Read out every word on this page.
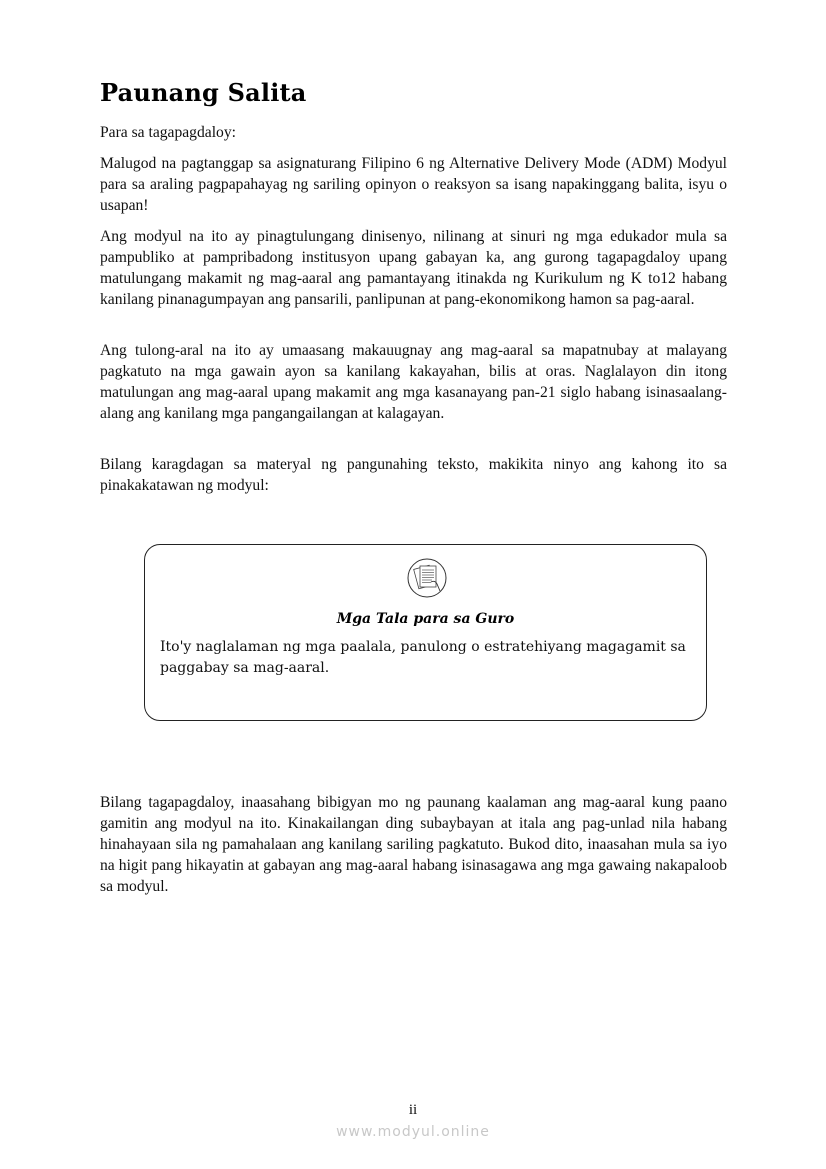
Paunang Salita

Para sa tagapagdaloy:

Malugod na pagtanggap sa asignaturang Filipino 6 ng Alternative Delivery Mode (ADM) Modyul para sa araling pagpapahayag ng sariling opinyon o reaksyon sa isang napakinggang balita, isyu o usapan!

Ang modyul na ito ay pinagtulungang dinisenyo, nilinang at sinuri ng mga edukador mula sa pampubliko at pampribadong institusyon upang gabayan ka, ang gurong tagapagdaloy upang matulungang makamit ng mag-aaral ang pamantayang itinakda ng Kurikulum ng K to12 habang kanilang pinanagumpayan ang pansarili, panlipunan at pang-ekonomikong hamon sa pag-aaral.

Ang tulong-aral na ito ay umaasang makauugnay ang mag-aaral sa mapatnubay at malayang pagkatuto na mga gawain ayon sa kanilang kakayahan, bilis at oras. Naglalayon din itong matulungan ang mag-aaral upang makamit ang mga kasanayang pan-21 siglo habang isinasaalang-alang ang kanilang mga pangangailangan at kalagayan.

Bilang karagdagan sa materyal ng pangunahing teksto, makikita ninyo ang kahong ito sa pinakakatawan ng modyul:

Mga Tala para sa Guro

Ito'y naglalaman ng mga paalala, panulong o estratehiyang magagamit sa paggabay sa mag-aaral.

Bilang tagapagdaloy, inaasahang bibigyan mo ng paunang kaalaman ang mag-aaral kung paano gamitin ang modyul na ito. Kinakailangan ding subaybayan at itala ang pag-unlad nila habang hinahayaan sila ng pamahalaan ang kanilang sariling pagkatuto. Bukod dito, inaasahan mula sa iyo na higit pang hikayatin at gabayan ang mag-aaral habang isinasagawa ang mga gawaing nakapaloob sa modyul.

ii
www.modyul.online
